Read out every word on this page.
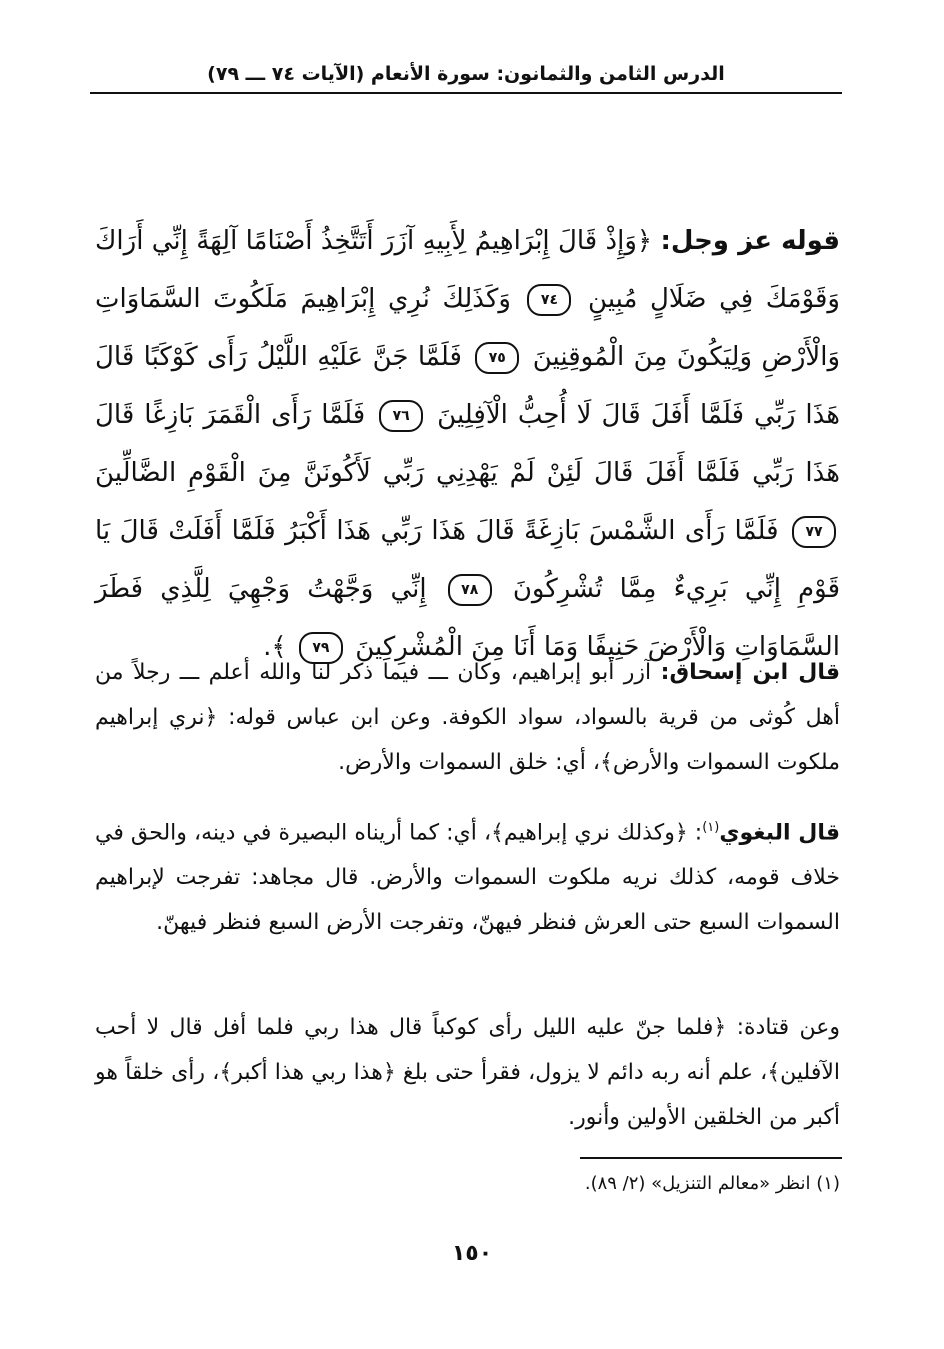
الدرس الثامن والثمانون: سورة الأنعام (الآيات ٧٤ ـــ ٧٩)
قوله عز وجل: ﴿وَإِذْ قَالَ إِبْرَاهِيمُ لِأَبِيهِ آزَرَ أَتَتَّخِذُ أَصْنَامًا آلِهَةً إِنِّي أَرَاكَ وَقَوْمَكَ فِي ضَلَالٍ مُبِينٍ ٧٤ وَكَذَلِكَ نُرِي إِبْرَاهِيمَ مَلَكُوتَ السَّمَاوَاتِ وَالْأَرْضِ وَلِيَكُونَ مِنَ الْمُوقِنِينَ ٧٥ فَلَمَّا جَنَّ عَلَيْهِ اللَّيْلُ رَأَى كَوْكَبًا قَالَ هَذَا رَبِّي فَلَمَّا أَفَلَ قَالَ لَا أُحِبُّ الْآفِلِينَ ٧٦ فَلَمَّا رَأَى الْقَمَرَ بَازِغًا قَالَ هَذَا رَبِّي فَلَمَّا أَفَلَ قَالَ لَئِنْ لَمْ يَهْدِنِي رَبِّي لَأَكُونَنَّ مِنَ الْقَوْمِ الضَّالِّينَ ٧٧ فَلَمَّا رَأَى الشَّمْسَ بَازِغَةً قَالَ هَذَا رَبِّي هَذَا أَكْبَرُ فَلَمَّا أَفَلَتْ قَالَ يَا قَوْمِ إِنِّي بَرِيءٌ مِمَّا تُشْرِكُونَ ٧٨ إِنِّي وَجَّهْتُ وَجْهِيَ لِلَّذِي فَطَرَ السَّمَاوَاتِ وَالْأَرْضَ حَنِيفًا وَمَا أَنَا مِنَ الْمُشْرِكِينَ ٧٩ ﴾.
قال ابن إسحاق: آزر أبو إبراهيم، وكان ـــ فيما ذكر لنا والله أعلم ـــ رجلاً من أهل كُوثى من قرية بالسواد، سواد الكوفة. وعن ابن عباس قوله: ﴿نري إبراهيم ملكوت السموات والأرض﴾، أي: خلق السموات والأرض.
قال البغوي$^{(١)}$: ﴿وكذلك نري إبراهيم﴾، أي: كما أريناه البصيرة في دينه، والحق في خلاف قومه، كذلك نريه ملكوت السموات والأرض. قال مجاهد: تفرجت لإبراهيم السموات السبع حتى العرش فنظر فيهنّ، وتفرجت الأرض السبع فنظر فيهنّ.
وعن قتادة: ﴿فلما جنّ عليه الليل رأى كوكباً قال هذا ربي فلما أفل قال لا أحب الآفلين﴾، علم أنه ربه دائم لا يزول، فقرأ حتى بلغ ﴿هذا ربي هذا أكبر﴾، رأى خلقاً هو أكبر من الخلقين الأولين وأنور.
(١) انظر «معالم التنزيل» (٢/ ٨٩).
١٥٠
